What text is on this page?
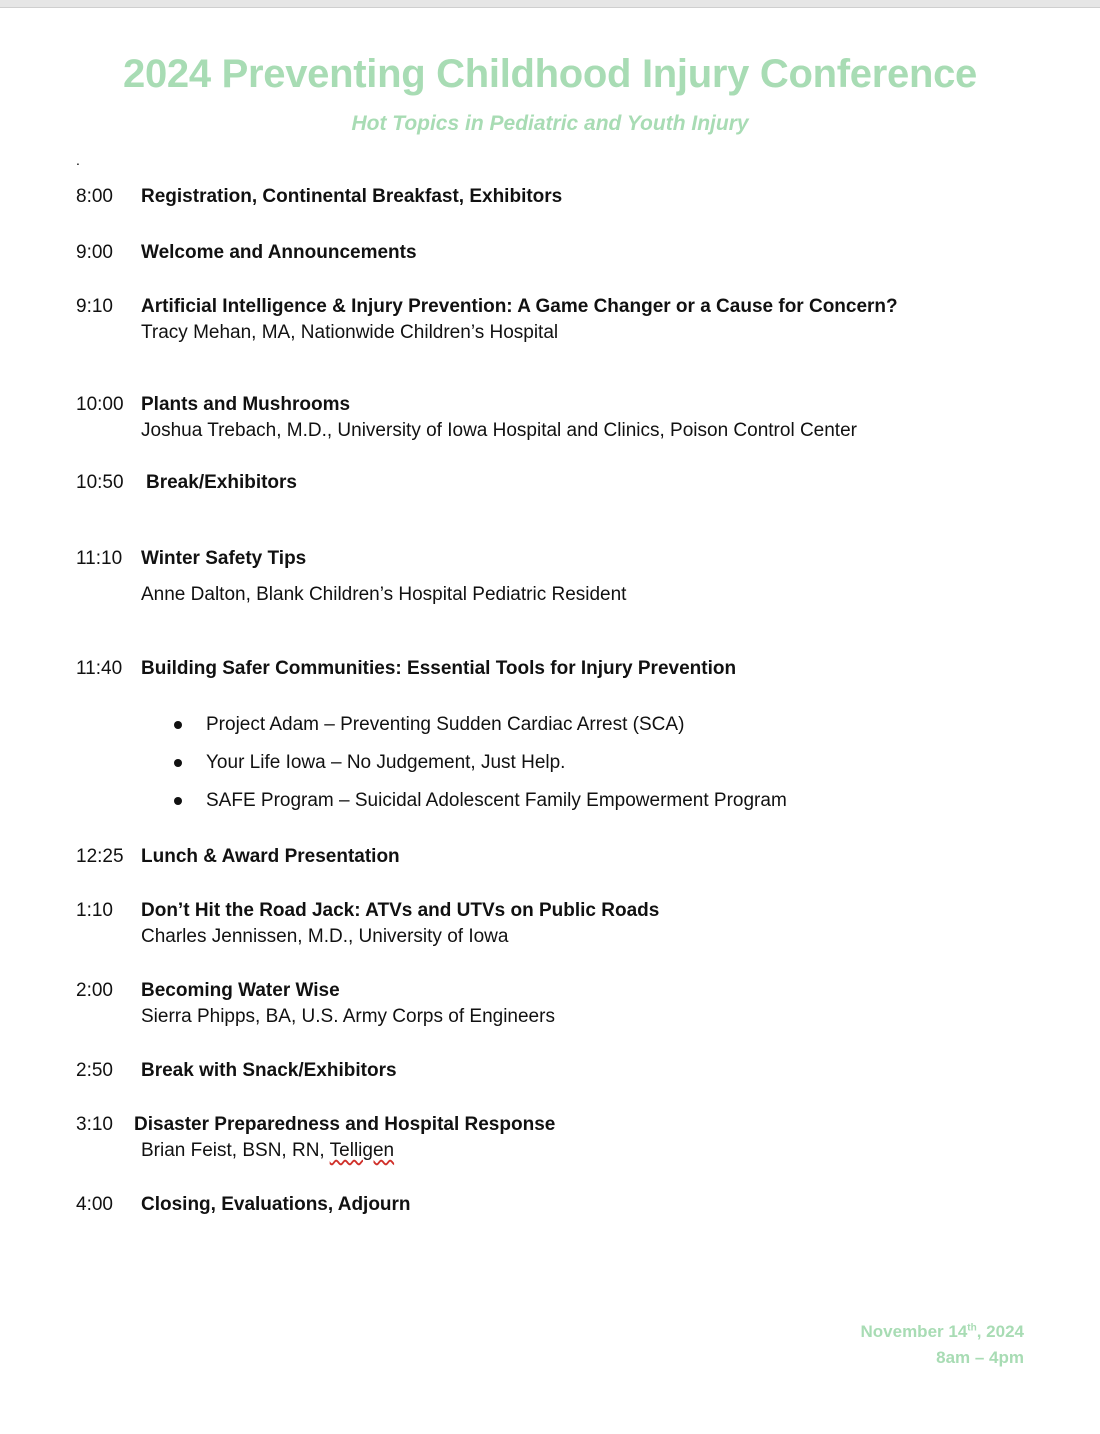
2024 Preventing Childhood Injury Conference
Hot Topics in Pediatric and Youth Injury
.
8:00	Registration, Continental Breakfast, Exhibitors
9:00	Welcome and Announcements
9:10	Artificial Intelligence & Injury Prevention: A Game Changer or a Cause for Concern?
Tracy Mehan, MA, Nationwide Children’s Hospital
10:00 Plants and Mushrooms
Joshua Trebach, M.D., University of Iowa Hospital and Clinics, Poison Control Center
10:50	Break/Exhibitors
11:10 Winter Safety Tips
Anne Dalton, Blank Children’s Hospital Pediatric Resident
11:40 Building Safer Communities: Essential Tools for Injury Prevention
Project Adam – Preventing Sudden Cardiac Arrest (SCA)
Your Life Iowa – No Judgement, Just Help.
SAFE Program – Suicidal Adolescent Family Empowerment Program
12:25 Lunch & Award Presentation
1:10	Don’t Hit the Road Jack: ATVs and UTVs on Public Roads
Charles Jennissen, M.D., University of Iowa
2:00	Becoming Water Wise
Sierra Phipps, BA, U.S. Army Corps of Engineers
2:50	Break with Snack/Exhibitors
3:10	Disaster Preparedness and Hospital Response
Brian Feist, BSN, RN, Telligen
4:00	Closing, Evaluations, Adjourn
November 14th, 2024
8am – 4pm
